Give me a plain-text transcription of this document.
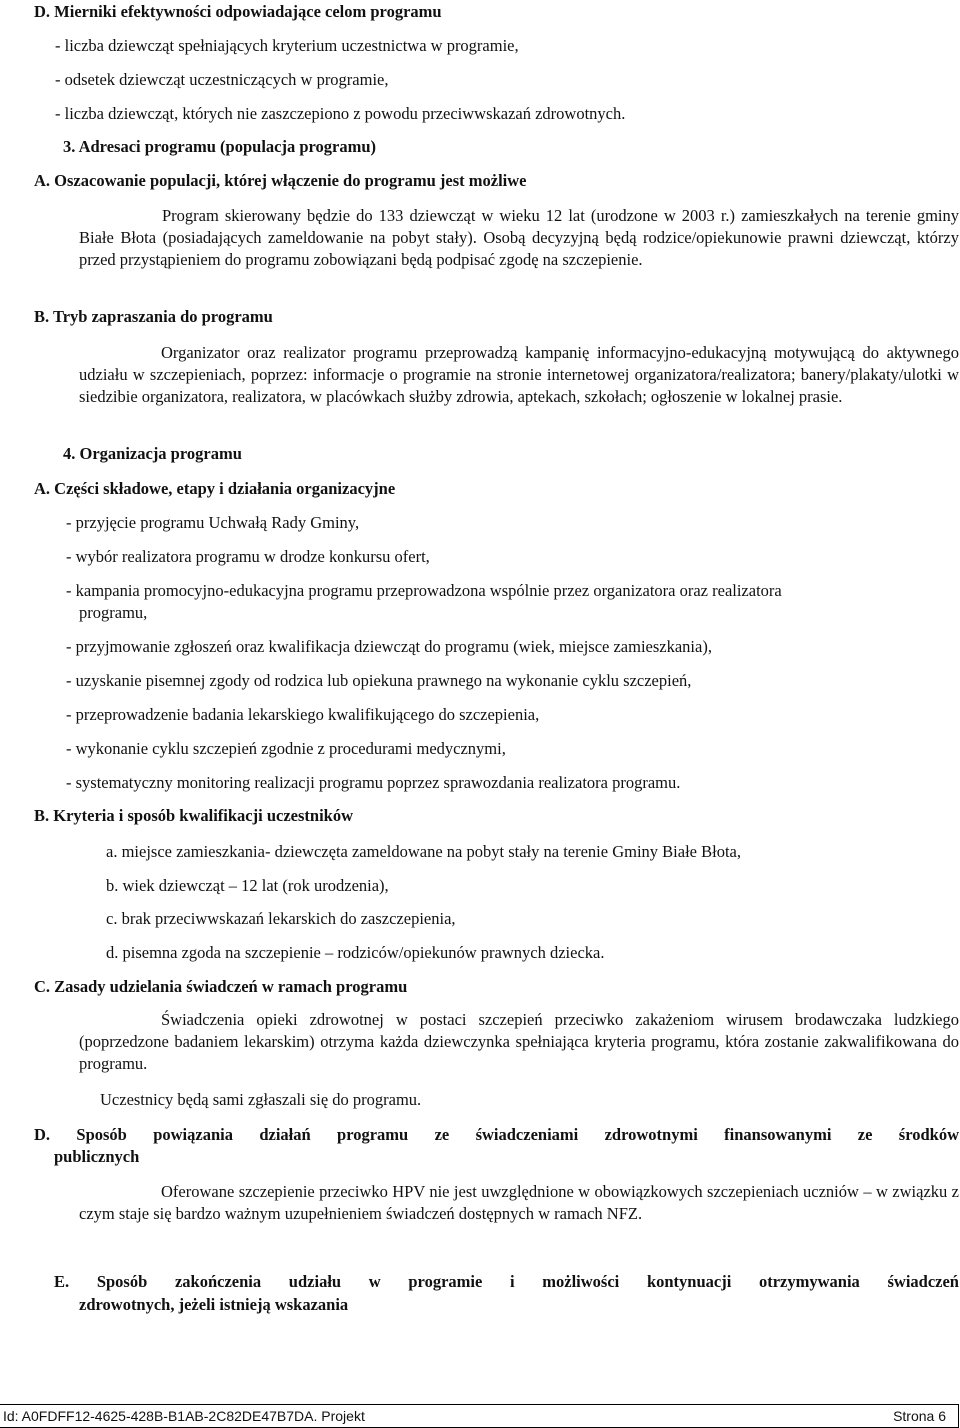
D. Mierniki efektywności odpowiadające celom programu
- liczba dziewcząt spełniających kryterium uczestnictwa w programie,
- odsetek dziewcząt uczestniczących w programie,
- liczba dziewcząt, których nie zaszczepiono z powodu przeciwwskazań zdrowotnych.
3. Adresaci programu (populacja programu)
A. Oszacowanie populacji, której włączenie do programu jest możliwe

Program skierowany będzie do 133 dziewcząt w wieku 12 lat (urodzone w 2003 r.) zamieszkałych na terenie gminy Białe Błota (posiadających zameldowanie na pobyt stały). Osobą decyzyjną będą rodzice/opiekunowie prawni dziewcząt, którzy przed przystąpieniem do programu zobowiązani będą podpisać zgodę na szczepienie.

B. Tryb zapraszania do programu

Organizator oraz realizator programu przeprowadzą kampanię informacyjno-edukacyjną motywującą do aktywnego udziału w szczepieniach, poprzez: informacje o programie na stronie internetowej organizatora/realizatora; banery/plakaty/ulotki w siedzibie organizatora, realizatora, w placówkach służby zdrowia, aptekach, szkołach; ogłoszenie w lokalnej prasie.

4. Organizacja programu
A. Części składowe, etapy i działania organizacyjne
- przyjęcie programu Uchwałą Rady Gminy,
- wybór realizatora programu w drodze konkursu ofert,
- kampania promocyjno-edukacyjna programu przeprowadzona wspólnie przez organizatora oraz realizatora
programu,
- przyjmowanie zgłoszeń oraz kwalifikacja dziewcząt do programu (wiek, miejsce zamieszkania),
- uzyskanie pisemnej zgody od rodzica lub opiekuna prawnego na wykonanie cyklu szczepień,
- przeprowadzenie badania lekarskiego kwalifikującego do szczepienia,
- wykonanie cyklu szczepień zgodnie z procedurami medycznymi,
- systematyczny monitoring realizacji programu poprzez sprawozdania realizatora programu.
B. Kryteria i sposób kwalifikacji uczestników
a. miejsce zamieszkania- dziewczęta zameldowane na pobyt stały na terenie Gminy Białe Błota,
b. wiek dziewcząt – 12 lat (rok urodzenia),
c. brak przeciwwskazań lekarskich do zaszczepienia,
d. pisemna zgoda na szczepienie – rodziców/opiekunów prawnych dziecka.
C. Zasady udzielania świadczeń w ramach programu

Świadczenia opieki zdrowotnej w postaci szczepień przeciwko zakażeniom wirusem brodawczaka ludzkiego (poprzedzone badaniem lekarskim) otrzyma każda dziewczynka spełniająca kryteria programu, która zostanie zakwalifikowana do programu.

Uczestnicy będą sami zgłaszali się do programu.
D. Sposób powiązania działań programu ze świadczeniami zdrowotnymi finansowanymi ze środków
publicznych

Oferowane szczepienie przeciwko HPV nie jest uwzględnione w obowiązkowych szczepieniach uczniów – w związku z czym staje się bardzo ważnym uzupełnieniem świadczeń dostępnych w ramach NFZ.

E. Sposób zakończenia udziału w programie i możliwości kontynuacji otrzymywania świadczeń
zdrowotnych, jeżeli istnieją wskazania
Id: A0FDFF12-4625-428B-B1AB-2C82DE47B7DA. Projekt	Strona 6
